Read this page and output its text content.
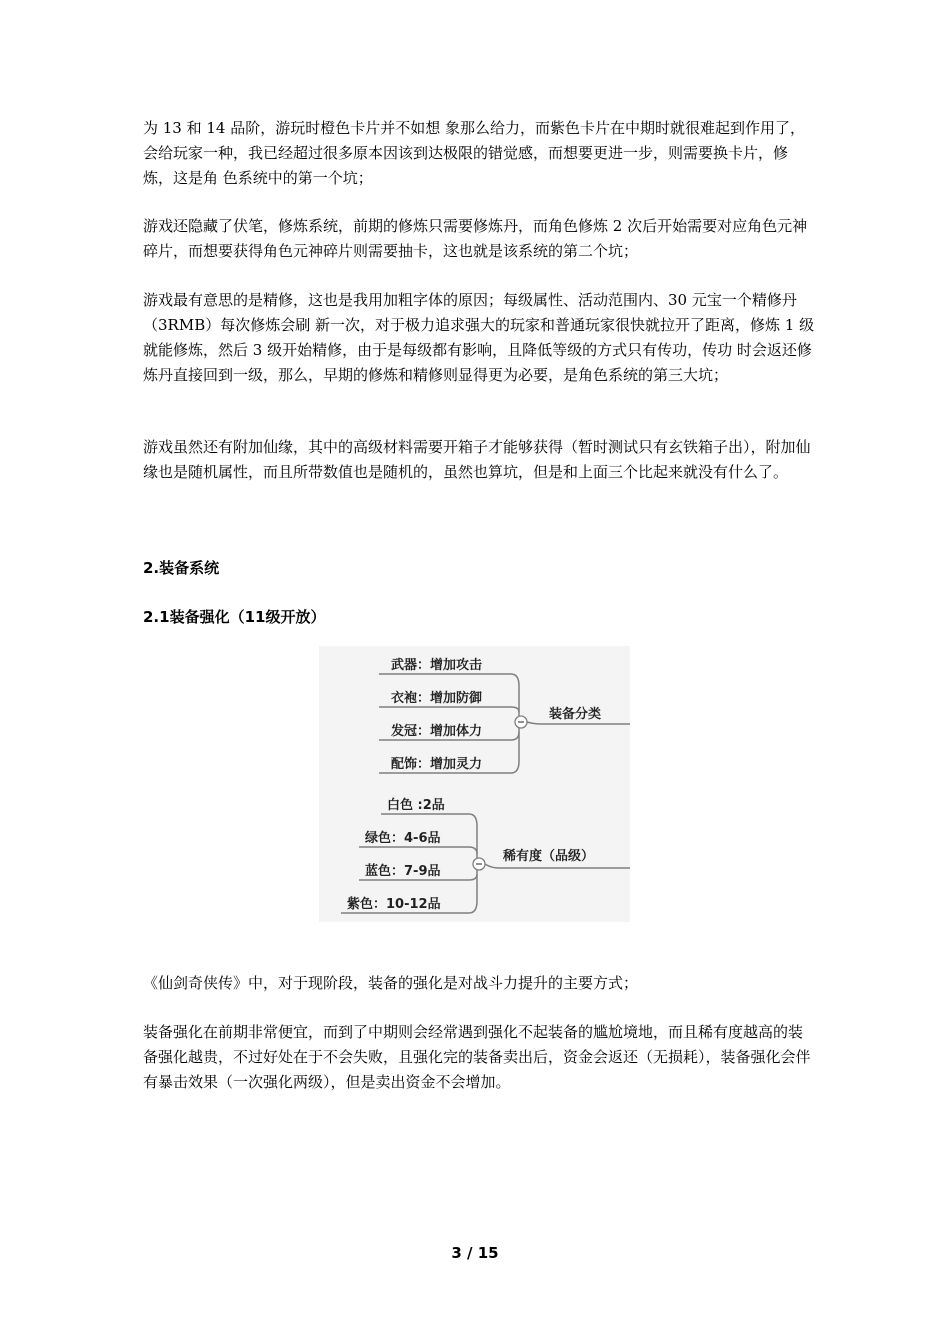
为 13 和 14 品阶，游玩时橙色卡片并不如想 象那么给力，而紫色卡片在中期时就很难起到作用了，会给玩家一种，我已经超过很多原本因该到达极限的错觉感，而想要更进一步，则需要换卡片，修炼，这是角 色系统中的第一个坑；

游戏还隐藏了伏笔，修炼系统，前期的修炼只需要修炼丹，而角色修炼 2 次后开始需要对应角色元神碎片，而想要获得角色元神碎片则需要抽卡，这也就是该系统的第二个坑；

游戏最有意思的是精修，这也是我用加粗字体的原因；每级属性、活动范围内、30 元宝一个精修丹（3RMB）每次修炼会刷 新一次，对于极力追求强大的玩家和普通玩家很快就拉开了距离，修炼 1 级就能修炼，然后 3 级开始精修，由于是每级都有影响，且降低等级的方式只有传功，传功 时会返还修炼丹直接回到一级，那么，早期的修炼和精修则显得更为必要，是角色系统的第三大坑；

游戏虽然还有附加仙缘，其中的高级材料需要开箱子才能够获得（暂时测试只有玄铁箱子出），附加仙缘也是随机属性，而且所带数值也是随机的，虽然也算坑，但是和上面三个比起来就没有什么了。

2.装备系统

2.1装备强化（11级开放）

武器：增加攻击
衣袍：增加防御
发冠：增加体力
配饰：增加灵力
装备分类
白色 :2品
绿色：4-6品
蓝色：7-9品
紫色：10-12品
稀有度（品级）

《仙剑奇侠传》中，对于现阶段，装备的强化是对战斗力提升的主要方式；

装备强化在前期非常便宜，而到了中期则会经常遇到强化不起装备的尴尬境地，而且稀有度越高的装备强化越贵，不过好处在于不会失败，且强化完的装备卖出后，资金会返还（无损耗），装备强化会伴有暴击效果（一次强化两级），但是卖出资金不会增加。

3 / 15
